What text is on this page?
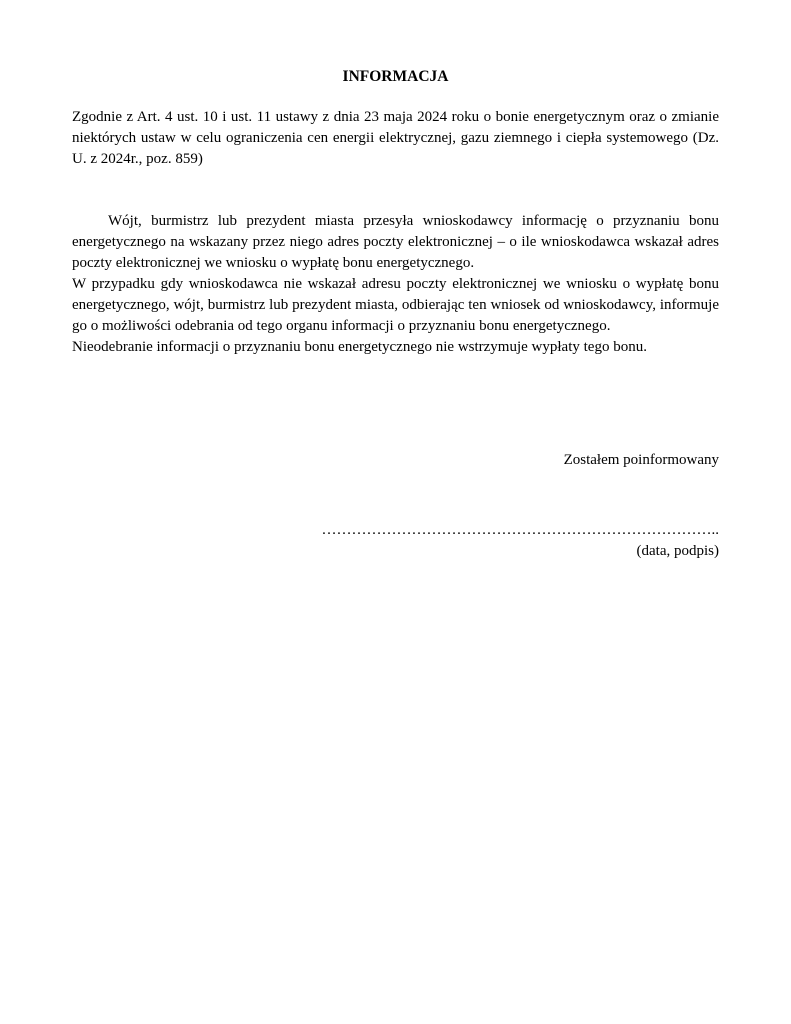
INFORMACJA

Zgodnie z Art. 4 ust. 10 i ust. 11 ustawy z dnia 23 maja 2024 roku o bonie energetycznym oraz o zmianie niektórych ustaw w celu ograniczenia cen energii elektrycznej, gazu ziemnego i ciepła systemowego (Dz. U. z 2024r., poz. 859)

Wójt, burmistrz lub prezydent miasta przesyła wnioskodawcy informację o przyznaniu bonu energetycznego na wskazany przez niego adres poczty elektronicznej – o ile wnioskodawca wskazał adres poczty elektronicznej we wniosku o wypłatę bonu energetycznego.

W przypadku gdy wnioskodawca nie wskazał adresu poczty elektronicznej we wniosku o wypłatę bonu energetycznego, wójt, burmistrz lub prezydent miasta, odbierając ten wniosek od wnioskodawcy, informuje go o możliwości odebrania od tego organu informacji o przyznaniu bonu energetycznego.

Nieodebranie informacji o przyznaniu bonu energetycznego nie wstrzymuje wypłaty tego bonu.

Zostałem poinformowany

……………………………………………………………………..
(data, podpis)
